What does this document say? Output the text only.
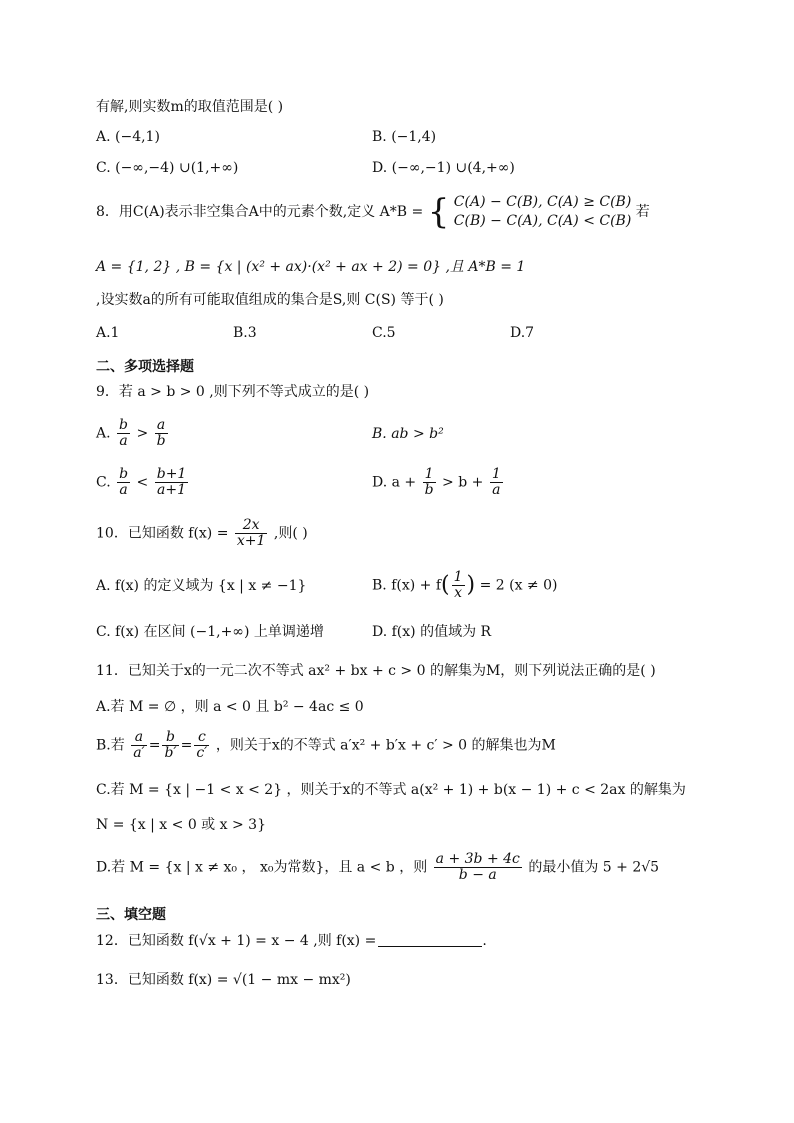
有解,则实数m的取值范围是( )
A. (−4,1)	B. (−1,4)
C. (−∞,−4) ∪(1,+∞)	D. (−∞,−1) ∪(4,+∞)
8．用C(A)表示非空集合A中的元素个数,定义 A*B = { C(A) − C(B), C(A) ≥ C(B)
C(B) − C(A), C(A) < C(B)
若
A = {1, 2} , B = {x | (x² + ax)·(x² + ax + 2) = 0} ,且 A*B = 1
,设实数a的所有可能取值组成的集合是S,则 C(S) 等于( )
A.1	B.3	C.5	D.7
二、多项选择题
9．若 a > b > 0 ,则下列不等式成立的是( )
A. $\frac{b}{a} > \frac{a}{b}$	B. ab > b²
C. $\frac{b}{a} < \frac{b+1}{a+1}$	D. $a + \frac{1}{b} > b + \frac{1}{a}$
10．已知函数 $f(x) = \frac{2x}{x+1}$ ,则( )
A. f(x) 的定义域为 {x | x ≠ −1}	B. $f(x) + f( \frac{1}{x}$ ) = 2 (x ≠ 0)
C. f(x) 在区间 (−1,+∞) 上单调递增	D. f(x) 的值域为 R
11．已知关于x的一元二次不等式 ax² + bx + c > 0 的解集为M，则下列说法正确的是( )
A.若 M = ∅ ，则 a < 0 且 b² − 4ac ≤ 0
B.若 $\frac{a}{a'} = \frac{b}{b'} = \frac{c}{c'}$ ，则关于x的不等式 a′x² + b′x + c′ > 0 的解集也为M
C.若 M = {x | −1 < x < 2} ，则关于x的不等式 a(x² + 1) + b(x − 1) + c < 2ax 的解集为
N = {x | x < 0 或 x > 3}
D.若 M = {x | x ≠ x₀ ， x₀为常数}，且 a < b ，则 $\frac{a + 3b + 4c}{b - a}$ 的最小值为 5 + 2√5
三、填空题
12．已知函数 f(√x + 1) = x − 4 ,则 f(x) =	.
13．已知函数 f(x) = √(1 − mx − mx²)
